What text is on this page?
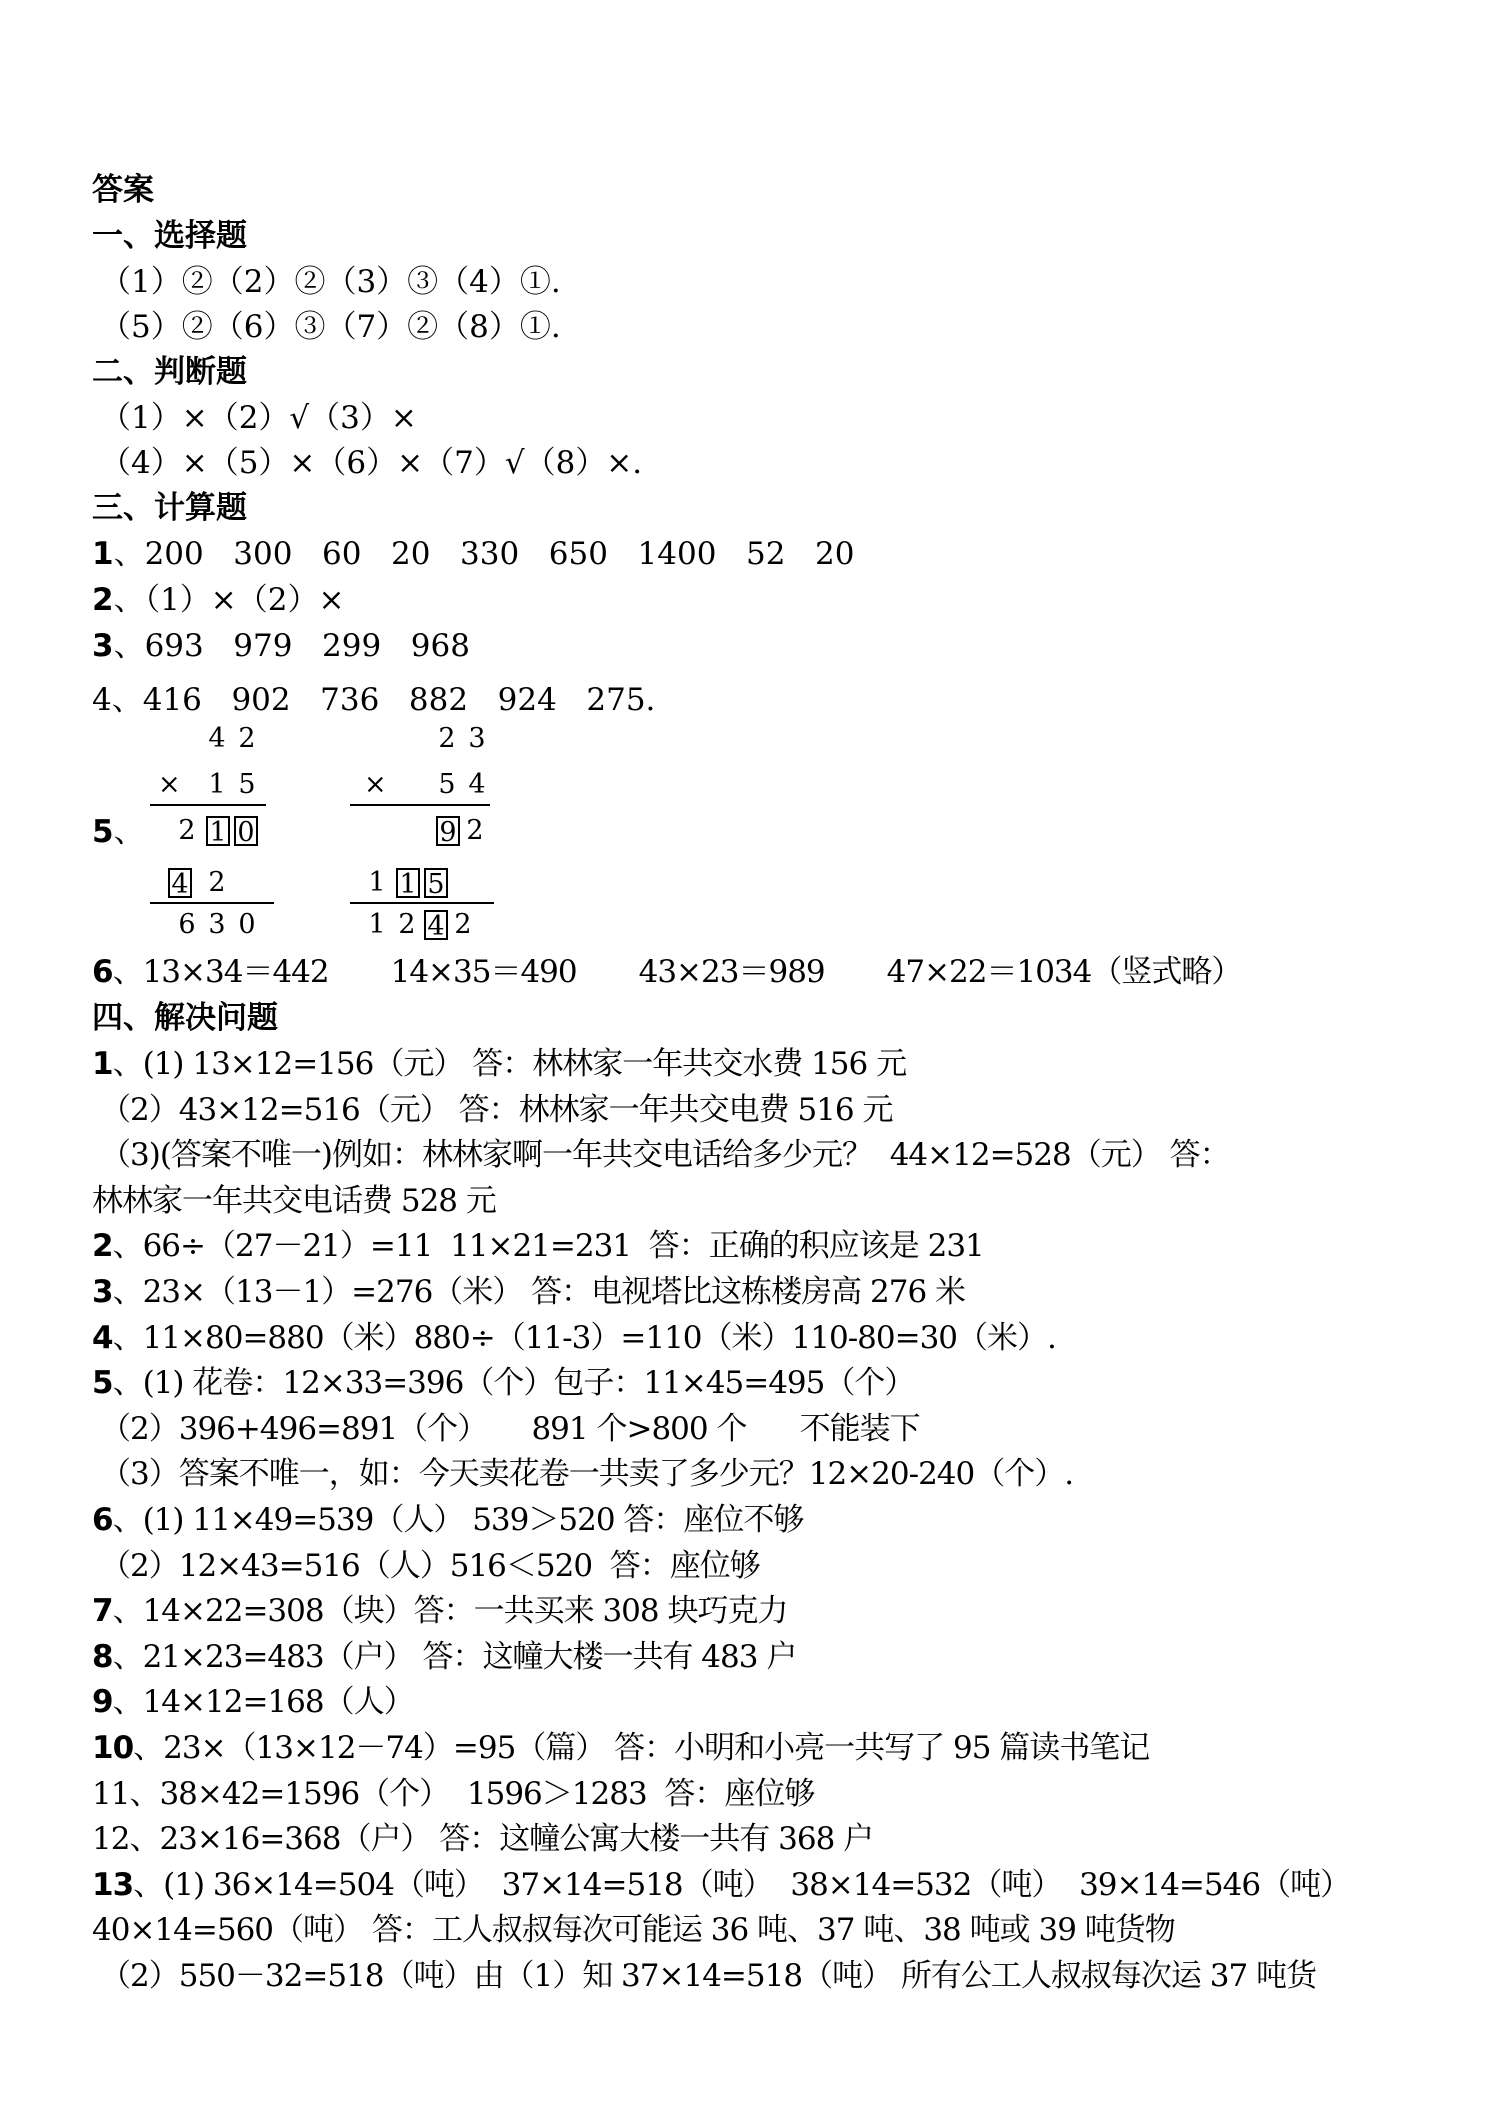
答案
一、选择题
（1）②（2）②（3）③（4）①.
（5）②（6）③（7）②（8）①.
二、判断题
（1）×（2）√（3）×
（4）×（5）×（6）×（7）√（8）×.
三、计算题
1、200   300   60   20   330   650   1400   52   20
2、（1）×（2）×
3、693   979   299   968
4、416   902   736   882   924   275.
5、
4 2
× 1 5
2 1 0
4 2
6 3 0
2 3
× 5 4
9 2
1 1 5
1 2 4 2
6、13×34＝442       14×35＝490       43×23＝989       47×22＝1034（竖式略）
四、解决问题
1、(1) 13×12=156（元） 答：林林家一年共交水费 156 元
（2）43×12=516（元） 答：林林家一年共交电费 516 元
（3)(答案不唯一)例如：林林家啊一年共交电话给多少元？  44×12=528（元） 答：
林林家一年共交电话费 528 元
2、66÷（27－21）=11  11×21=231  答：正确的积应该是 231
3、23×（13－1）=276（米） 答：电视塔比这栋楼房高 276 米
4、11×80=880（米）880÷（11-3）=110（米）110-80=30（米）.
5、(1) 花卷：12×33=396（个）包子：11×45=495（个）
（2）396+496=891（个）     891 个>800 个      不能装下
（3）答案不唯一，如：今天卖花卷一共卖了多少元？12×20-240（个）.
6、(1) 11×49=539（人） 539＞520 答：座位不够
（2）12×43=516（人）516＜520  答：座位够
7、14×22=308（块）答：一共买来 308 块巧克力
8、21×23=483（户） 答：这幢大楼一共有 483 户
9、14×12=168（人）
10、23×（13×12－74）=95（篇） 答：小明和小亮一共写了 95 篇读书笔记
11、38×42=1596（个）  1596＞1283  答：座位够
12、23×16=368（户） 答：这幢公寓大楼一共有 368 户
13、(1) 36×14=504（吨）  37×14=518（吨）  38×14=532（吨）  39×14=546（吨）
40×14=560（吨） 答：工人叔叔每次可能运 36 吨、37 吨、38 吨或 39 吨货物
（2）550－32=518（吨）由（1）知 37×14=518（吨） 所有公工人叔叔每次运 37 吨货
